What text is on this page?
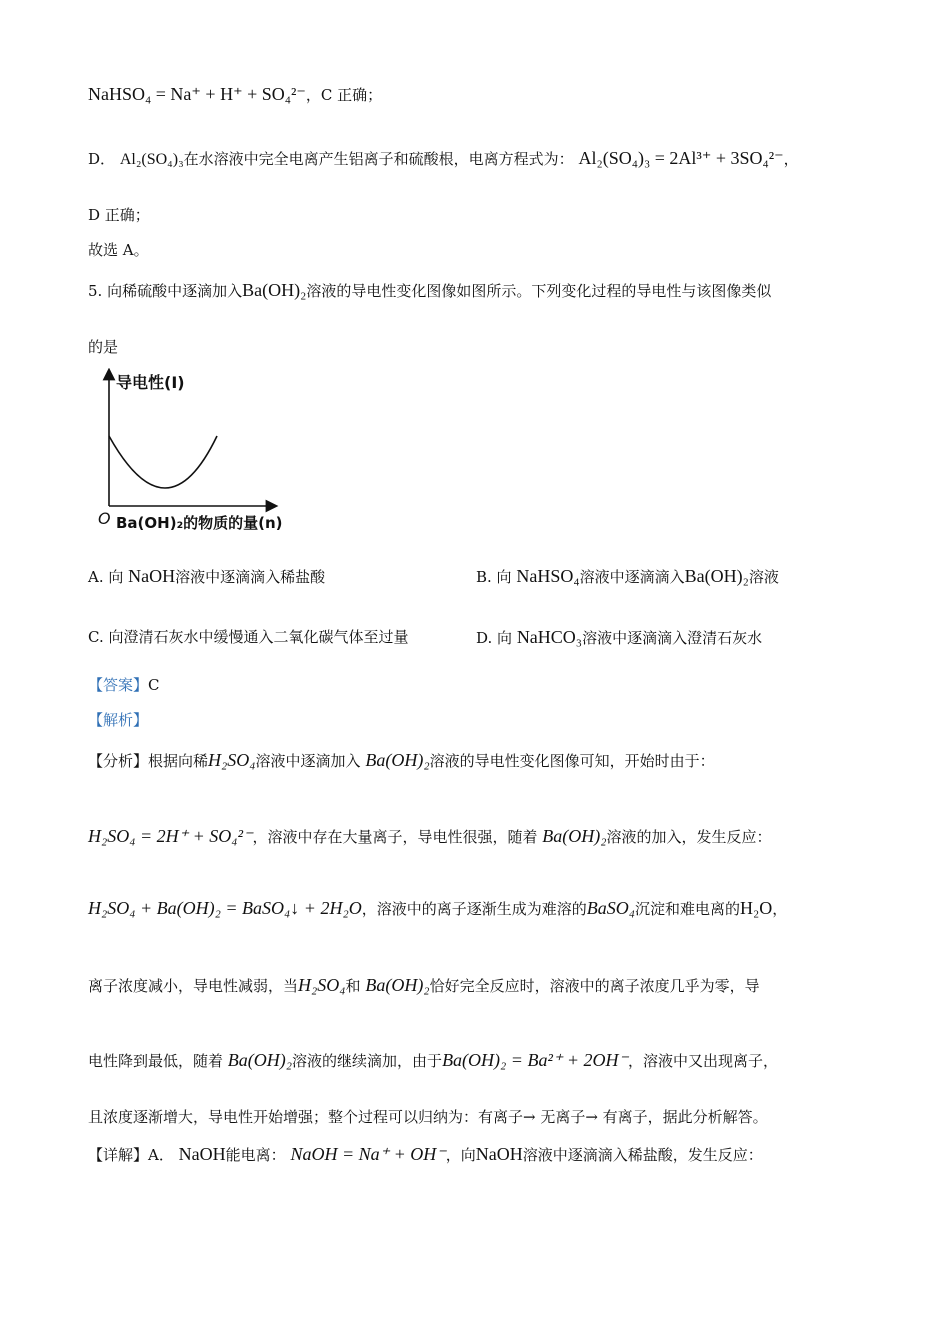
NaHSO₄ = Na⁺ + H⁺ + SO₄²⁻，C 正确；
D． Al₂(SO₄)₃在水溶液中完全电离产生铝离子和硫酸根，电离方程式为： Al₂(SO₄)₃ = 2Al³⁺ + 3SO₄²⁻，
D 正确；
故选 A。
5. 向稀硫酸中逐滴加入Ba(OH)₂溶液的导电性变化图像如图所示。下列变化过程的导电性与该图像类似
的是
导电性(I)
O Ba(OH)₂的物质的量(n)
A. 向 NaOH溶液中逐滴滴入稀盐酸	B. 向 NaHSO₄溶液中逐滴滴入Ba(OH)₂溶液
C. 向澄清石灰水中缓慢通入二氧化碳气体至过量	D. 向 NaHCO₃溶液中逐滴滴入澄清石灰水
【答案】C
【解析】
【分析】根据向稀H₂SO₄溶液中逐滴加入 Ba(OH)₂溶液的导电性变化图像可知，开始时由于：
H₂SO₄ = 2H⁺ + SO₄²⁻，溶液中存在大量离子，导电性很强，随着 Ba(OH)₂溶液的加入，发生反应：
H₂SO₄ + Ba(OH)₂ = BaSO₄↓ + 2H₂O，溶液中的离子逐渐生成为难溶的BaSO₄沉淀和难电离的H₂O，
离子浓度减小，导电性减弱，当H₂SO₄和 Ba(OH)₂恰好完全反应时，溶液中的离子浓度几乎为零，导
电性降到最低，随着 Ba(OH)₂溶液的继续滴加，由于Ba(OH)₂ = Ba²⁺ + 2OH⁻，溶液中又出现离子，
且浓度逐渐增大，导电性开始增强；整个过程可以归纳为：有离子→ 无离子→ 有离子，据此分析解答。
【详解】A． NaOH能电离： NaOH = Na⁺ + OH⁻，向NaOH溶液中逐滴滴入稀盐酸，发生反应：
